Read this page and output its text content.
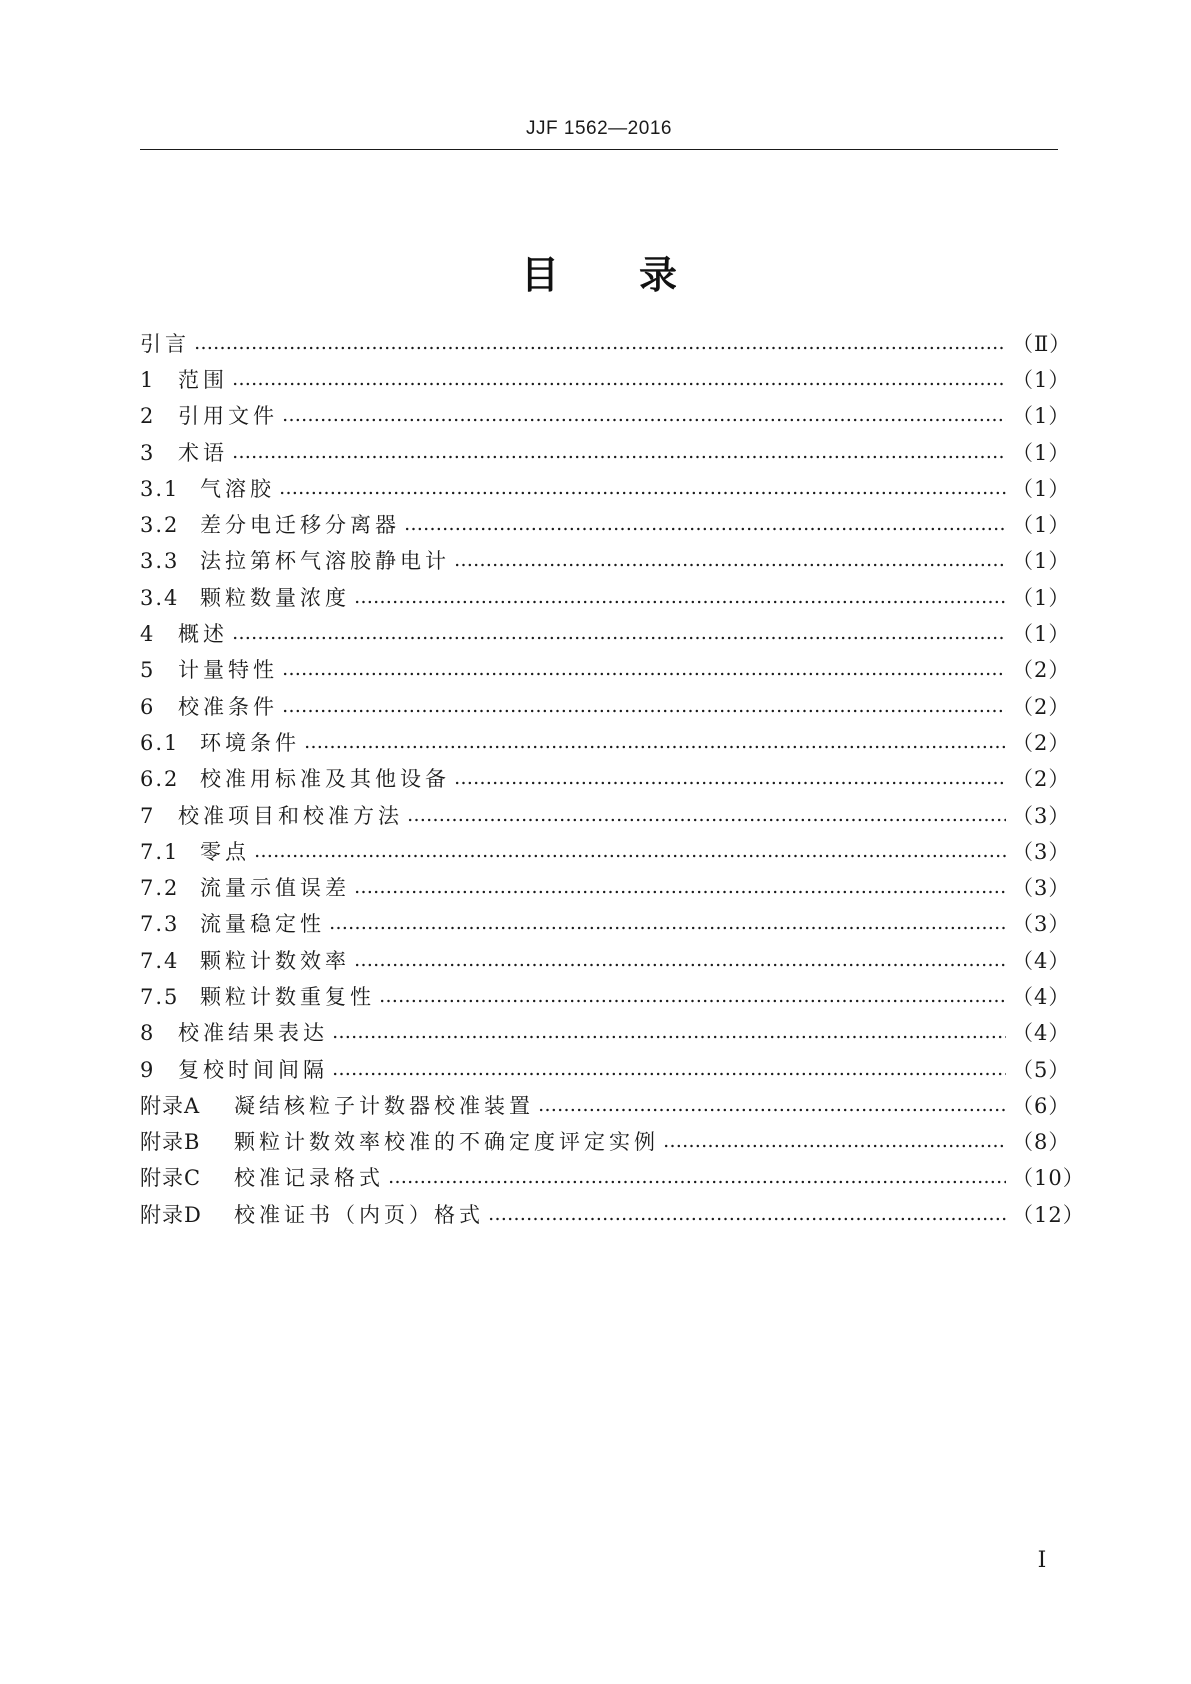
JJF 1562—2016
目 录
引言 …………………………………………………………………………………………………………………………………………………………………………………………	（Ⅱ）
1	范围 …………………………………………………………………………………………………………………………………………………………………………………………	（1）
2	引用文件 …………………………………………………………………………………………………………………………………………………………………………………………	（1）
3	术语 …………………………………………………………………………………………………………………………………………………………………………………………	（1）
3.1 气溶胶 …………………………………………………………………………………………………………………………………………………………………………………………	（1）
3.2 差分电迁移分离器 …………………………………………………………………………………………………………………………………………………………………………………………	（1）
3.3 法拉第杯气溶胶静电计 …………………………………………………………………………………………………………………………………………………………………………………………	（1）
3.4 颗粒数量浓度 …………………………………………………………………………………………………………………………………………………………………………………………	（1）
4	概述 …………………………………………………………………………………………………………………………………………………………………………………………	（1）
5	计量特性 …………………………………………………………………………………………………………………………………………………………………………………………	（2）
6	校准条件 …………………………………………………………………………………………………………………………………………………………………………………………	（2）
6.1 环境条件 …………………………………………………………………………………………………………………………………………………………………………………………	（2）
6.2 校准用标准及其他设备 …………………………………………………………………………………………………………………………………………………………………………………………	（2）
7	校准项目和校准方法 …………………………………………………………………………………………………………………………………………………………………………………………	（3）
7.1 零点 …………………………………………………………………………………………………………………………………………………………………………………………	（3）
7.2 流量示值误差 …………………………………………………………………………………………………………………………………………………………………………………………	（3）
7.3 流量稳定性 …………………………………………………………………………………………………………………………………………………………………………………………	（3）
7.4 颗粒计数效率 …………………………………………………………………………………………………………………………………………………………………………………………	（4）
7.5 颗粒计数重复性 …………………………………………………………………………………………………………………………………………………………………………………………	（4）
8	校准结果表达 …………………………………………………………………………………………………………………………………………………………………………………………	（4）
9	复校时间间隔 …………………………………………………………………………………………………………………………………………………………………………………………	（5）
附录A	凝结核粒子计数器校准装置 …………………………………………………………………………………………………………………………………………………………………………………………	（6）
附录B	颗粒计数效率校准的不确定度评定实例 …………………………………………………………………………………………………………………………………………………………………………………………	（8）
附录C	校准记录格式 …………………………………………………………………………………………………………………………………………………………………………………………	（10）
附录D	校准证书（内页）格式 …………………………………………………………………………………………………………………………………………………………………………………………	（12）
Ⅰ
